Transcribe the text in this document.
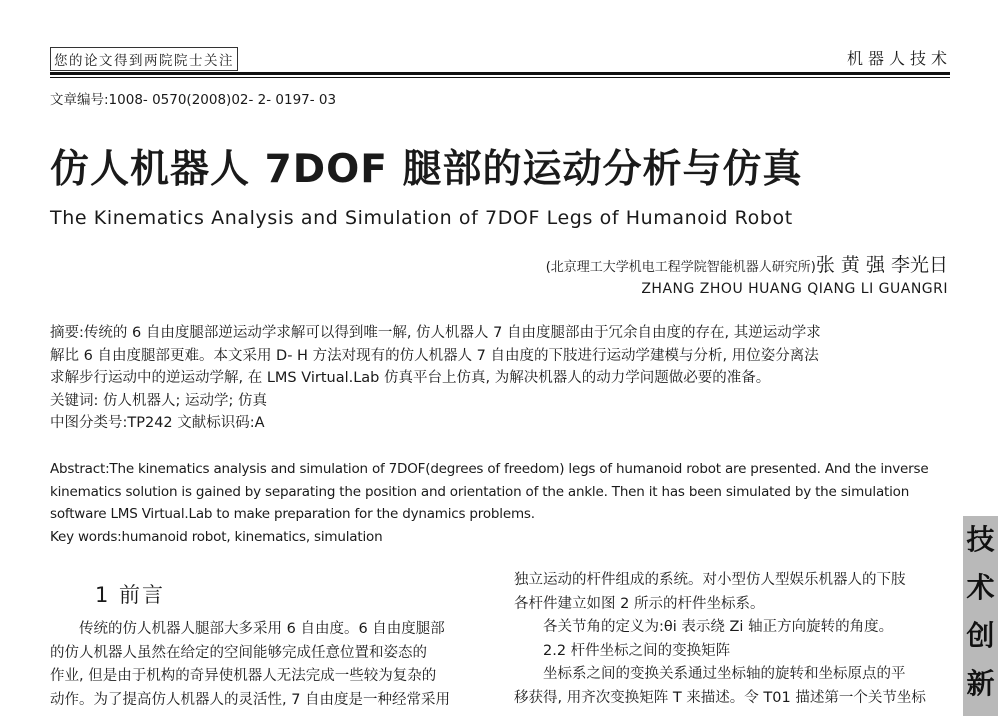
您的论文得到两院院士关注	机器人技术
文章编号:1008- 0570(2008)02- 2- 0197- 03
仿人机器人 7DOF 腿部的运动分析与仿真
The Kinematics Analysis and Simulation of 7DOF Legs of Humanoid Robot
(北京理工大学机电工程学院智能机器人研究所)张 黄 强 李光日
ZHANG ZHOU HUANG QIANG LI GUANGRI

摘要:传统的 6 自由度腿部逆运动学求解可以得到唯一解, 仿人机器人 7 自由度腿部由于冗余自由度的存在, 其逆运动学求

解比 6 自由度腿部更难。本文采用 D- H 方法对现有的仿人机器人 7 自由度的下肢进行运动学建模与分析, 用位姿分离法

求解步行运动中的逆运动学解, 在 LMS Virtual.Lab 仿真平台上仿真, 为解决机器人的动力学问题做必要的准备。

关键词: 仿人机器人; 运动学; 仿真

中图分类号:TP242 文献标识码:A

Abstract:The kinematics analysis and simulation of 7DOF(degrees of freedom) legs of humanoid robot are presented. And the inverse

kinematics solution is gained by separating the position and orientation of the ankle. Then it has been simulated by the simulation

software LMS Virtual.Lab to make preparation for the dynamics problems.

Key words:humanoid robot, kinematics, simulation

1 前言

传统的仿人机器人腿部大多采用 6 自由度。6 自由度腿部

的仿人机器人虽然在给定的空间能够完成任意位置和姿态的

作业, 但是由于机构的奇异使机器人无法完成一些较为复杂的

动作。为了提高仿人机器人的灵活性, 7 自由度是一种经常采用

独立运动的杆件组成的系统。对小型仿人型娱乐机器人的下肢

各杆件建立如图 2 所示的杆件坐标系。

各关节角的定义为:θi 表示绕 Zi 轴正方向旋转的角度。

2.2 杆件坐标之间的变换矩阵

坐标系之间的变换关系通过坐标轴的旋转和坐标原点的平

移获得, 用齐次变换矩阵 T 来描述。令 T01 描述第一个关节坐标

技
术
创
新
